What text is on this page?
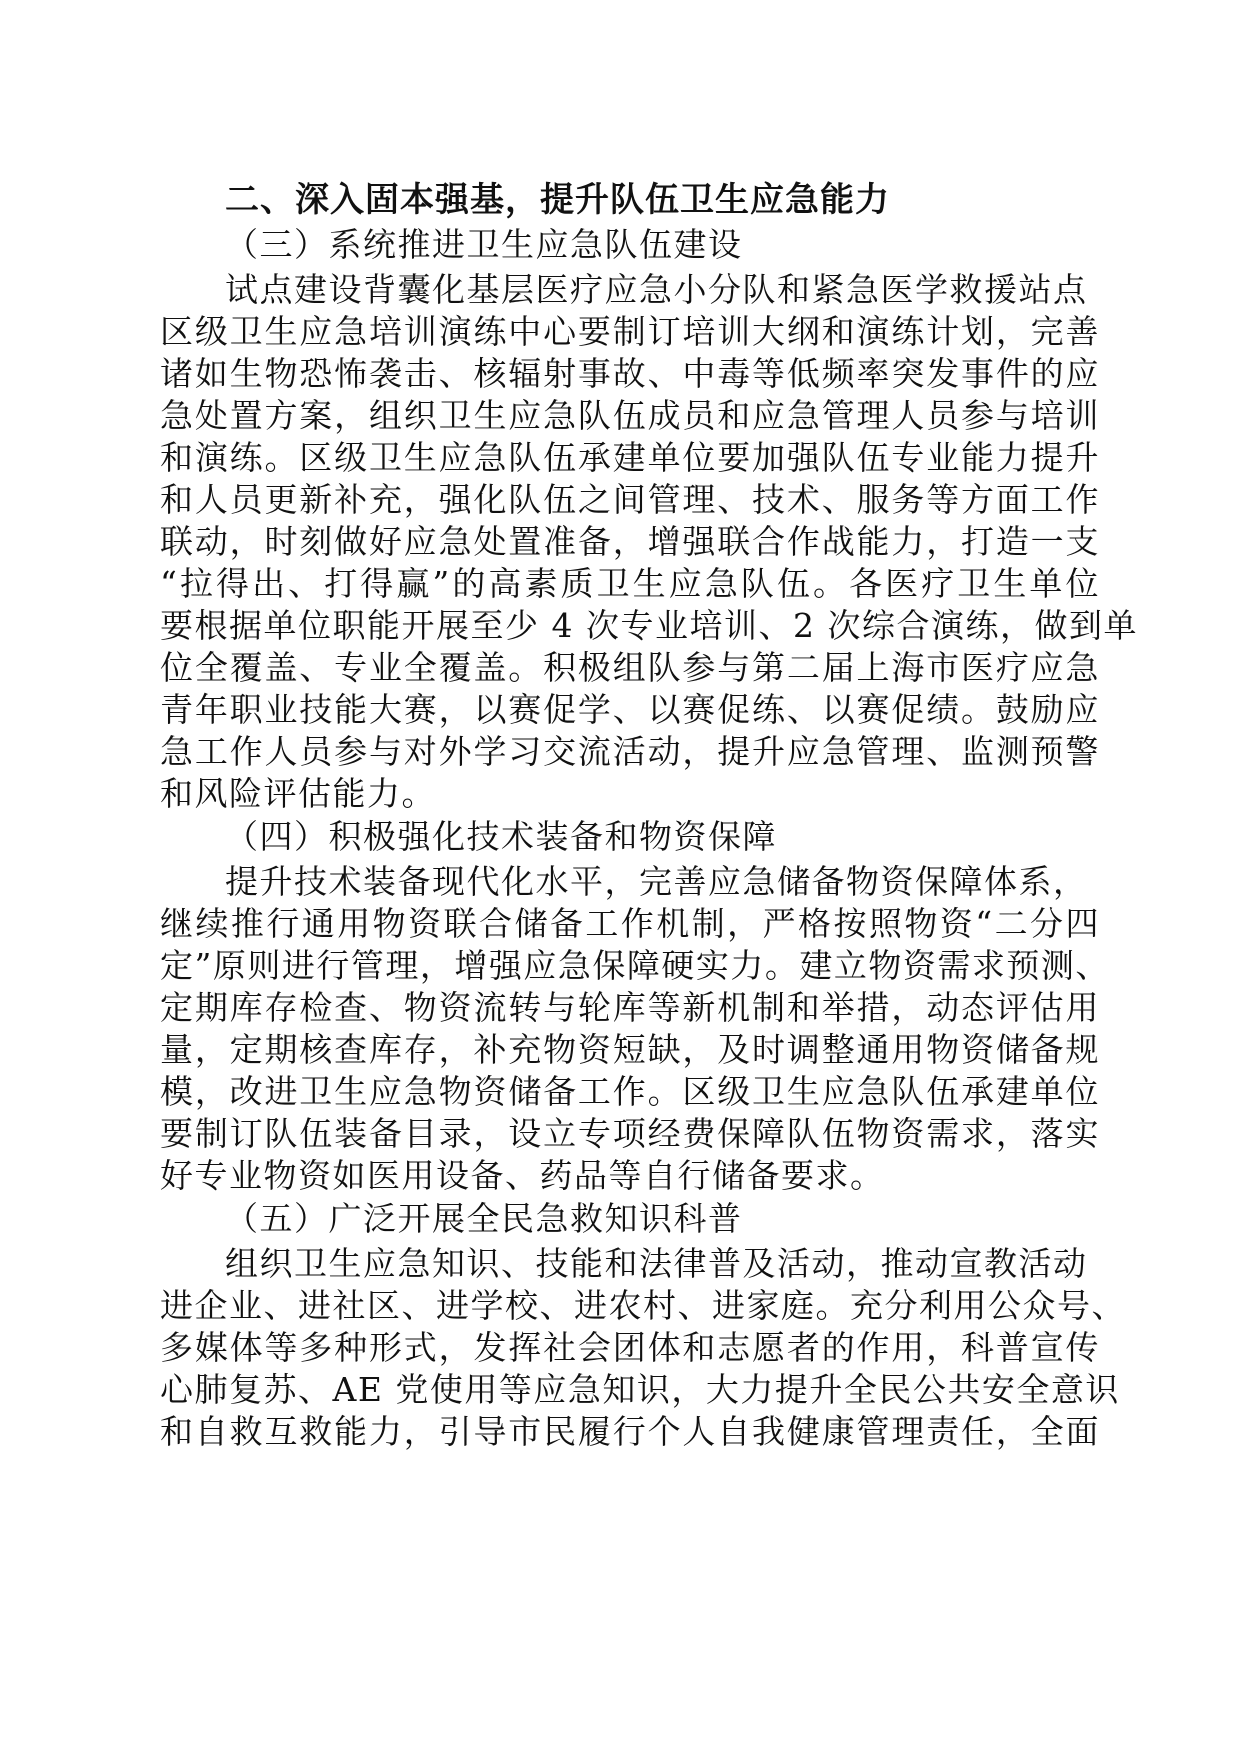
二、深入固本强基，提升队伍卫生应急能力
（三）系统推进卫生应急队伍建设
试点建设背囊化基层医疗应急小分队和紧急医学救援站点
区级卫生应急培训演练中心要制订培训大纲和演练计划，完善
诸如生物恐怖袭击、核辐射事故、中毒等低频率突发事件的应
急处置方案，组织卫生应急队伍成员和应急管理人员参与培训
和演练。区级卫生应急队伍承建单位要加强队伍专业能力提升
和人员更新补充，强化队伍之间管理、技术、服务等方面工作
联动，时刻做好应急处置准备，增强联合作战能力，打造一支
“拉得出、打得赢”的高素质卫生应急队伍。各医疗卫生单位
要根据单位职能开展至少 4 次专业培训、2 次综合演练，做到单
位全覆盖、专业全覆盖。积极组队参与第二届上海市医疗应急
青年职业技能大赛，以赛促学、以赛促练、以赛促绩。鼓励应
急工作人员参与对外学习交流活动，提升应急管理、监测预警
和风险评估能力。
（四）积极强化技术装备和物资保障
提升技术装备现代化水平，完善应急储备物资保障体系，
继续推行通用物资联合储备工作机制，严格按照物资“二分四
定”原则进行管理，增强应急保障硬实力。建立物资需求预测、
定期库存检查、物资流转与轮库等新机制和举措，动态评估用
量，定期核查库存，补充物资短缺，及时调整通用物资储备规
模，改进卫生应急物资储备工作。区级卫生应急队伍承建单位
要制订队伍装备目录，设立专项经费保障队伍物资需求，落实
好专业物资如医用设备、药品等自行储备要求。
（五）广泛开展全民急救知识科普
组织卫生应急知识、技能和法律普及活动，推动宣教活动
进企业、进社区、进学校、进农村、进家庭。充分利用公众号、
多媒体等多种形式，发挥社会团体和志愿者的作用，科普宣传
心肺复苏、AE 党使用等应急知识，大力提升全民公共安全意识
和自救互救能力，引导市民履行个人自我健康管理责任，全面
